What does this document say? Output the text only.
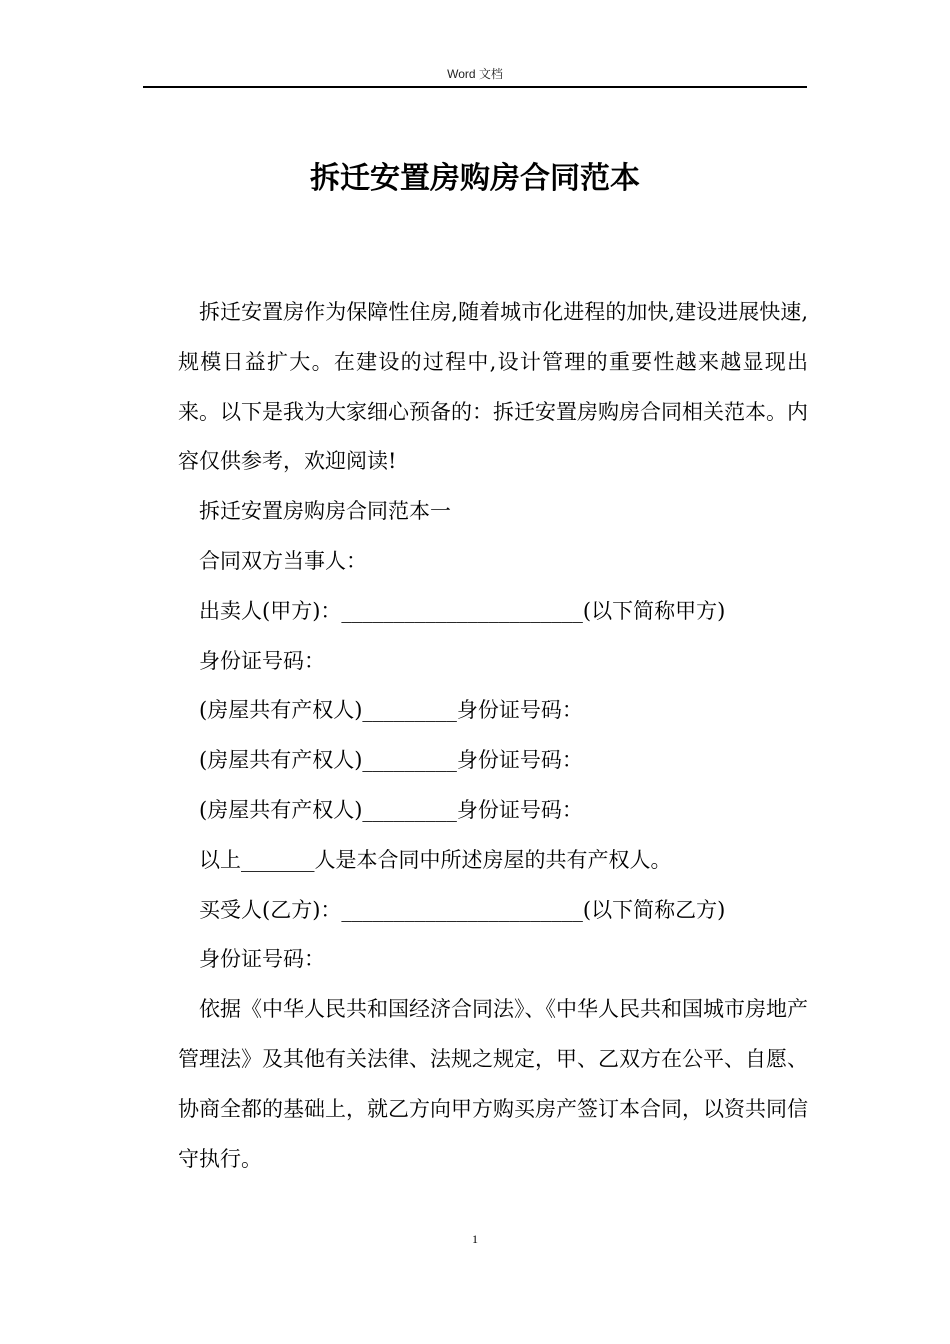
Word 文档
拆迁安置房购房合同范本

拆迁安置房作为保障性住房,随着城市化进程的加快,建设进展快速,规模日益扩大。在建设的过程中,设计管理的重要性越来越显现出来。以下是我为大家细心预备的：拆迁安置房购房合同相关范本。内容仅供参考，欢迎阅读!

拆迁安置房购房合同范本一

合同双方当事人：

出卖人(甲方)：_______________________(以下简称甲方)

身份证号码：

(房屋共有产权人)_________身份证号码：

(房屋共有产权人)_________身份证号码：

(房屋共有产权人)_________身份证号码：

以上_______人是本合同中所述房屋的共有产权人。

买受人(乙方)：_______________________(以下简称乙方)

身份证号码：

依据《中华人民共和国经济合同法》、《中华人民共和国城市房地产管理法》及其他有关法律、法规之规定，甲、乙双方在公平、自愿、协商全都的基础上，就乙方向甲方购买房产签订本合同，以资共同信守执行。

1
